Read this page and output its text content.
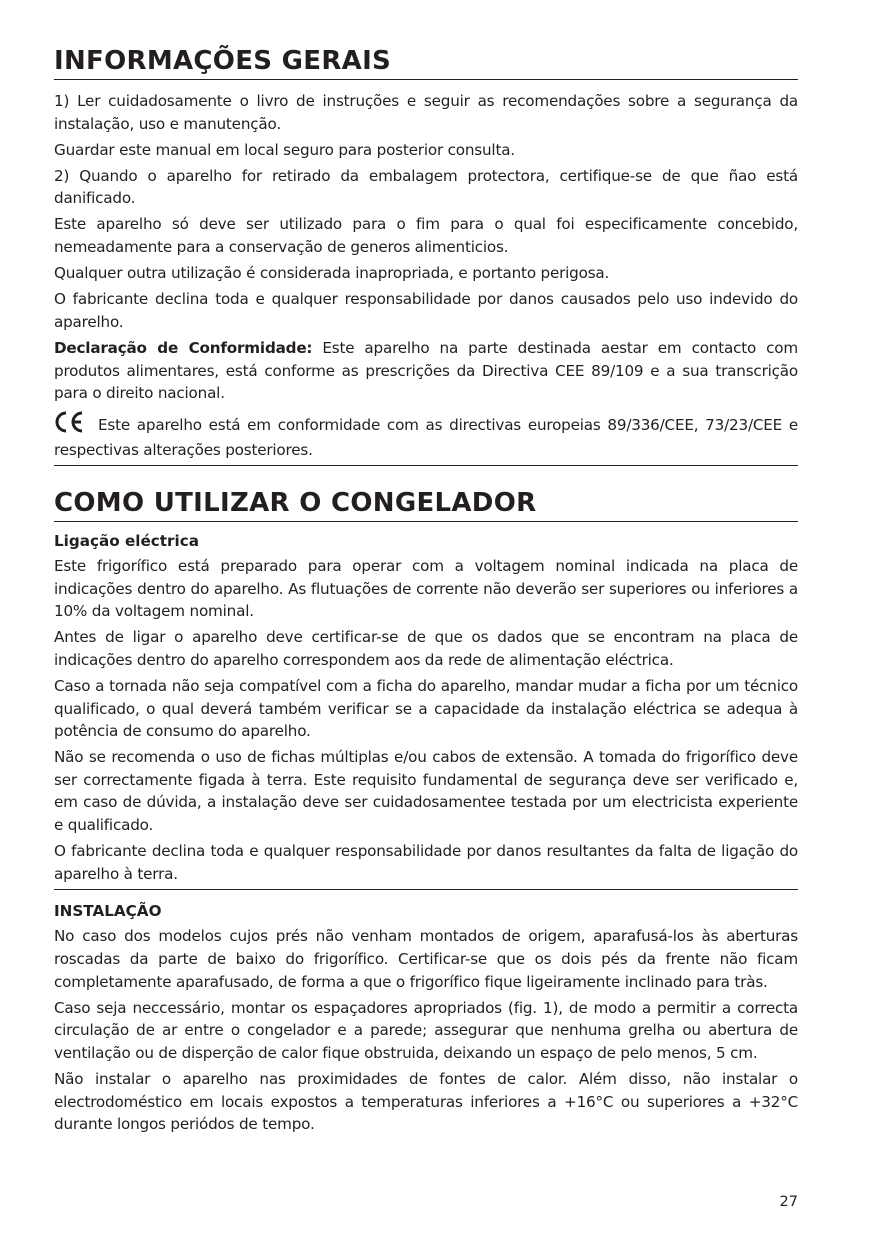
INFORMAÇÕES GERAIS

1) Ler cuidadosamente o livro de instruções e seguir as recomendações sobre a segurança da instalação, uso e manutenção.

Guardar este manual em local seguro para posterior consulta.

2) Quando o aparelho for retirado da embalagem protectora, certifique-se de que ñao está danificado.

Este aparelho só deve ser utilizado para o fim para o qual foi especificamente concebido, nemeadamente para a conservação de generos alimenticios.

Qualquer outra utilização é considerada inapropriada, e portanto perigosa.

O fabricante declina toda e qualquer responsabilidade por danos causados pelo uso indevido do aparelho.

Declaração de Conformidade: Este aparelho na parte destinada aestar em contacto com produtos alimentares, está conforme as prescrições da Directiva CEE 89/109 e a sua transcrição para o direito nacional.

Este aparelho está em conformidade com as directivas europeias 89/336/CEE, 73/23/CEE e respectivas alterações posteriores.

COMO UTILIZAR O CONGELADOR
Ligação eléctrica

Este frigorífico está preparado para operar com a voltagem nominal indicada na placa de indicações dentro do aparelho. As flutuações de corrente não deverão ser superiores ou inferiores a 10% da voltagem nominal.

Antes de ligar o aparelho deve certificar-se de que os dados que se encontram na placa de indicações dentro do aparelho correspondem aos da rede de alimentação eléctrica.

Caso a tornada não seja compatível com a ficha do aparelho, mandar mudar a ficha por um técnico qualificado, o qual deverá também verificar se a capacidade da instalação eléctrica se adequa à potência de consumo do aparelho.

Não se recomenda o uso de fichas múltiplas e/ou cabos de extensão. A tomada do frigorífico deve ser correctamente figada à terra. Este requisito fundamental de segurança deve ser verificado e, em caso de dúvida, a instalação deve ser cuidadosamentee testada por um electricista experiente e qualificado.

O fabricante declina toda e qualquer responsabilidade por danos resultantes da falta de ligação do aparelho à terra.

INSTALAÇÃO

No caso dos modelos cujos prés não venham montados de origem, aparafusá-los às aberturas roscadas da parte de baixo do frigorífico. Certificar-se que os dois pés da frente não ficam completamente aparafusado, de forma a que o frigorífico fique ligeiramente inclinado para tràs.

Caso seja neccessário, montar os espaçadores apropriados (fig. 1), de modo a permitir a correcta circulação de ar entre o congelador e a parede; assegurar que nenhuma grelha ou abertura de ventilação ou de disperção de calor fique obstruida, deixando un espaço de pelo menos, 5 cm.

Não instalar o aparelho nas proximidades de fontes de calor. Além disso, não instalar o electrodoméstico em locais expostos a temperaturas inferiores a +16°C ou superiores a +32°C durante longos periódos de tempo.

27
